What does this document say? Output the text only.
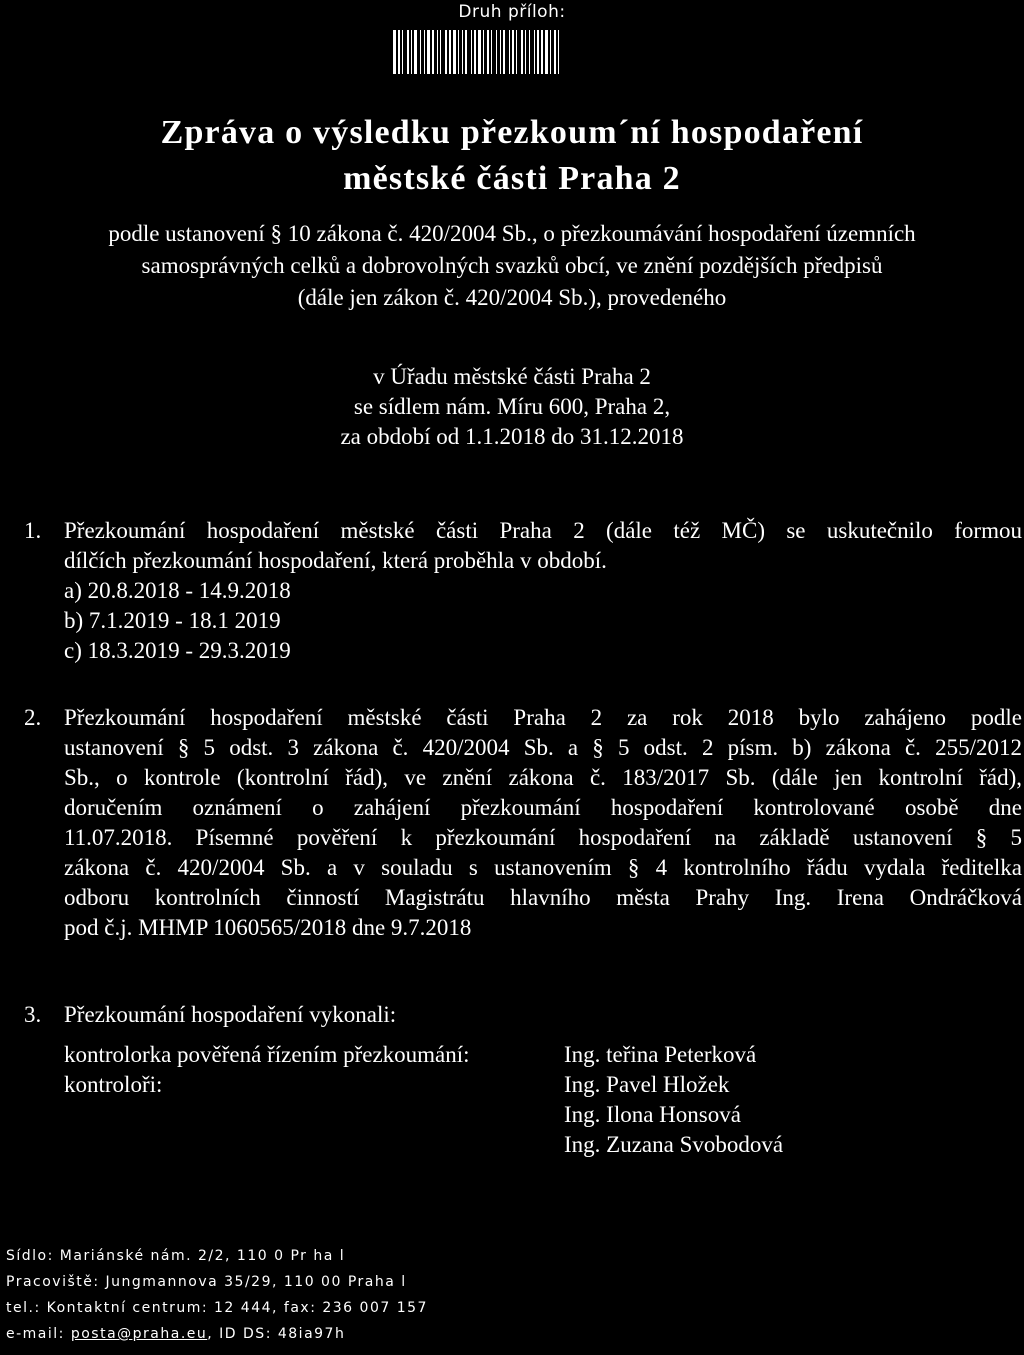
Druh příloh:
Zpráva o výsledku přezkoum´ní hospodaření
městské části Praha 2
podle ustanovení § 10 zákona č. 420/2004 Sb., o přezkoumávání hospodaření územních
samosprávných celků a dobrovolných svazků obcí, ve znění pozdějších předpisů
(dále jen zákon č. 420/2004 Sb.), provedeného
v Úřadu městské části Praha 2
se sídlem nám. Míru 600, Praha 2,
za období od 1.1.2018 do 31.12.2018
1. Přezkoumání hospodaření městské části Praha 2 (dále též MČ) se uskutečnilo formou
dílčích přezkoumání hospodaření, která proběhla v období.
a) 20.8.2018 - 14.9.2018
b) 7.1.2019 - 18.1 2019
c) 18.3.2019 - 29.3.2019
2. Přezkoumání hospodaření městské části Praha 2 za rok 2018 bylo zahájeno podle
ustanovení § 5 odst. 3 zákona č. 420/2004 Sb. a § 5 odst. 2 písm. b) zákona č. 255/2012
Sb., o kontrole (kontrolní řád), ve znění zákona č. 183/2017 Sb. (dále jen kontrolní řád),
doručením oznámení o zahájení přezkoumání hospodaření kontrolované osobě dne
11.07.2018. Písemné pověření k přezkoumání hospodaření na základě ustanovení § 5
zákona č. 420/2004 Sb. a v souladu s ustanovením § 4 kontrolního řádu vydala ředitelka
odboru kontrolních činností Magistrátu hlavního města Prahy Ing. Irena Ondráčková
pod č.j. MHMP 1060565/2018 dne 9.7.2018
3. Přezkoumání hospodaření vykonali:
kontrolorka pověřená řízením přezkoumání:	Ing. teřina Peterková
kontroloři:	Ing. Pavel Hložek
Ing. Ilona Honsová
Ing. Zuzana Svobodová
Sídlo: Mariánské nám. 2/2, 110 0 Pr ha l
Pracoviště: Jungmannova 35/29, 110 00 Praha l
tel.: Kontaktní centrum: 12 444, fax: 236 007 157
e-mail: posta@praha.eu, ID DS: 48ia97h
